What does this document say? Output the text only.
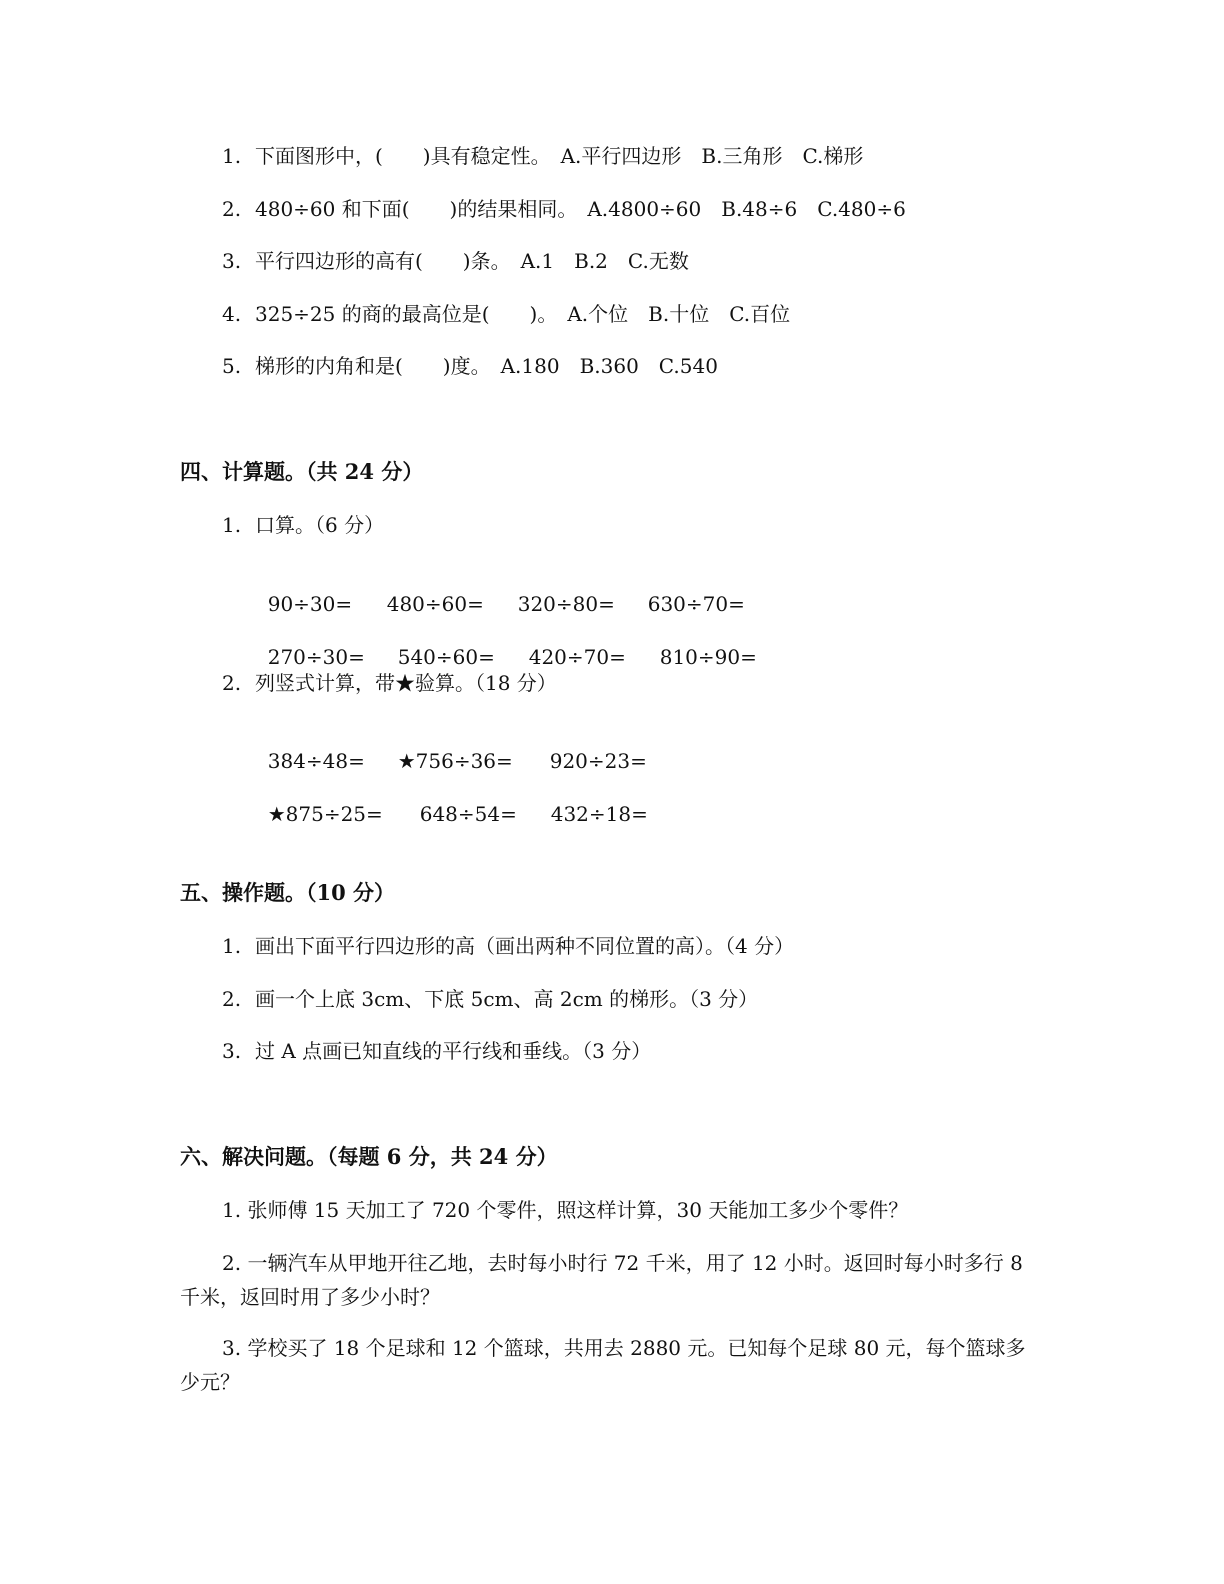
1. 下面图形中，(　　)具有稳定性。　A.平行四边形　B.三角形　C.梯形
2. 480÷60 和下面(　　)的结果相同。　A.4800÷60　B.48÷6　C.480÷6
3. 平行四边形的高有(　　)条。　A.1　B.2　C.无数
4. 325÷25 的商的最高位是(　　)。　A.个位　B.十位　C.百位
5. 梯形的内角和是(　　)度。　A.180　B.360　C.540
四、计算题。（共 24 分）
1. 口算。（6 分）

90÷30= 480÷60= 320÷80= 630÷70=

270÷30= 540÷60= 420÷70= 810÷90=

2. 列竖式计算，带★验算。（18 分）

384÷48= ★756÷36= 920÷23=

★875÷25= 648÷54= 432÷18=

五、操作题。（10 分）
1. 画出下面平行四边形的高（画出两种不同位置的高）。（4 分）
2. 画一个上底 3cm、下底 5cm、高 2cm 的梯形。（3 分）
3. 过 A 点画已知直线的平行线和垂线。（3 分）
六、解决问题。（每题 6 分，共 24 分）
1. 张师傅 15 天加工了 720 个零件，照这样计算，30 天能加工多少个零件？
2. 一辆汽车从甲地开往乙地，去时每小时行 72 千米，用了 12 小时。返回时每小时多行 8 千米，返回时用了多少小时？
3. 学校买了 18 个足球和 12 个篮球，共用去 2880 元。已知每个足球 80 元，每个篮球多少元？
